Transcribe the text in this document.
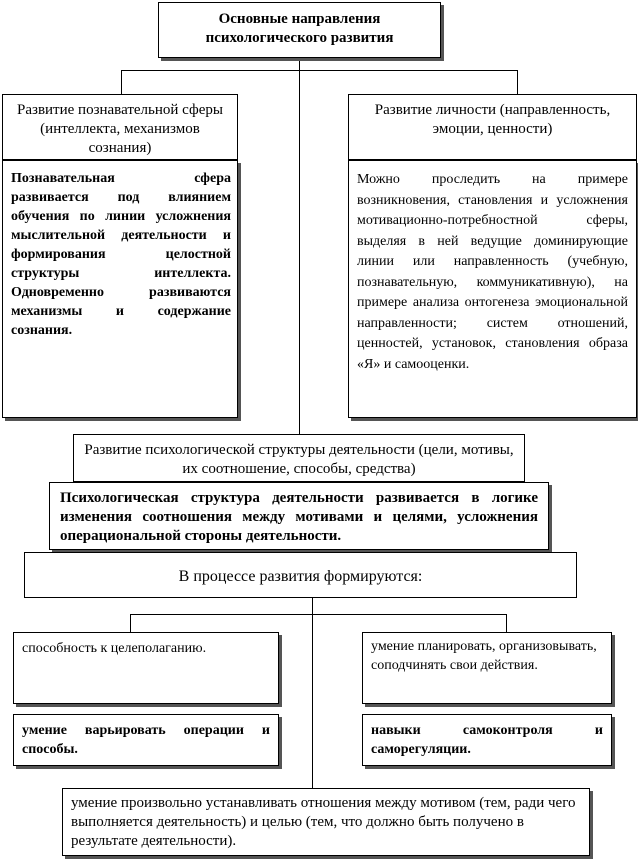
Основные направления психологического развития
Развитие познавательной сферы (интеллекта, механизмов сознания)
Познавательная сфера развивается под влиянием обучения по линии усложнения мыслительной деятельности и формирования целостной структуры интеллекта. Одновременно развиваются механизмы и содержание сознания.
Развитие личности (направленность, эмоции, ценности)
Можно проследить на примере возникновения, становления и усложнения мотивационно-потребностной сферы, выделяя в ней ведущие доминирующие линии или направленность (учебную, познавательную, коммуникативную), на примере анализа онтогенеза эмоциональной направленности; систем отношений, ценностей, установок, становления образа «Я» и самооценки.
Развитие психологической структуры деятельности (цели, мотивы, их соотношение, способы, средства)
Психологическая структура деятельности развивается в логике изменения соотношения между мотивами и целями, усложнения операциональной стороны деятельности.
В процессе развития формируются:
способность к целеполаганию.	умение планировать, организовывать, соподчинять свои действия.
умение варьировать операции и способы.
навыки самоконтроля и саморегуляции.
умение произвольно устанавливать отношения между мотивом (тем, ради чего выполняется деятельность) и целью (тем, что должно быть получено в результате деятельности).
